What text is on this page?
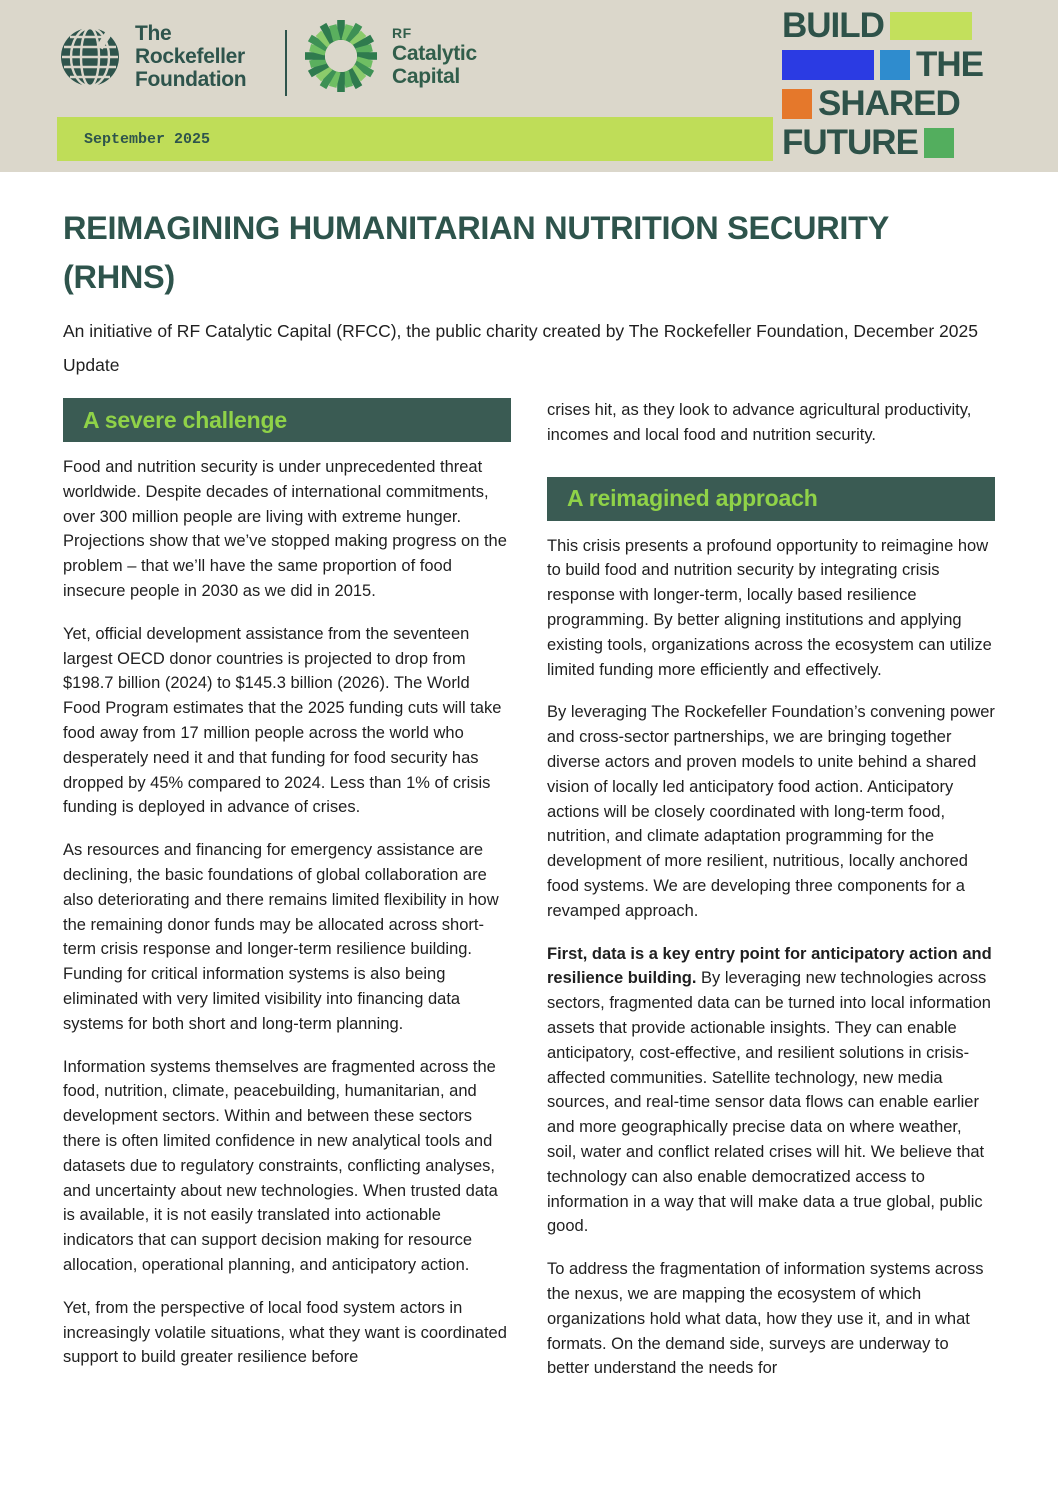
The
Rockefeller
Foundation
RF
Catalytic
Capital
September 2025
BUILD
THE
SHARED
FUTURE
REIMAGINING HUMANITARIAN NUTRITION SECURITY (RHNS)

An initiative of RF Catalytic Capital (RFCC), the public charity created by The Rockefeller Foundation, December 2025 Update

A severe challenge

Food and nutrition security is under unprecedented threat worldwide. Despite decades of international commitments, over 300 million people are living with extreme hunger. Projections show that we’ve stopped making progress on the problem – that we’ll have the same proportion of food insecure people in 2030 as we did in 2015.

Yet, official development assistance from the seventeen largest OECD donor countries is projected to drop from $198.7 billion (2024) to $145.3 billion (2026). The World Food Program estimates that the 2025 funding cuts will take food away from 17 million people across the world who desperately need it and that funding for food security has dropped by 45% compared to 2024. Less than 1% of crisis funding is deployed in advance of crises.

As resources and financing for emergency assistance are declining, the basic foundations of global collaboration are also deteriorating and there remains limited flexibility in how the remaining donor funds may be allocated across short-term crisis response and longer-term resilience building. Funding for critical information systems is also being eliminated with very limited visibility into financing data systems for both short and long-term planning.

Information systems themselves are fragmented across the food, nutrition, climate, peacebuilding, humanitarian, and development sectors. Within and between these sectors there is often limited confidence in new analytical tools and datasets due to regulatory constraints, conflicting analyses, and uncertainty about new technologies. When trusted data is available, it is not easily translated into actionable indicators that can support decision making for resource allocation, operational planning, and anticipatory action.

Yet, from the perspective of local food system actors in increasingly volatile situations, what they want is coordinated support to build greater resilience before

crises hit, as they look to advance agricultural productivity, incomes and local food and nutrition security.

A reimagined approach

This crisis presents a profound opportunity to reimagine how to build food and nutrition security by integrating crisis response with longer-term, locally based resilience programming. By better aligning institutions and applying existing tools, organizations across the ecosystem can utilize limited funding more efficiently and effectively.

By leveraging The Rockefeller Foundation’s convening power and cross-sector partnerships, we are bringing together diverse actors and proven models to unite behind a shared vision of locally led anticipatory food action. Anticipatory actions will be closely coordinated with long-term food, nutrition, and climate adaptation programming for the development of more resilient, nutritious, locally anchored food systems. We are developing three components for a revamped approach.

First, data is a key entry point for anticipatory action and resilience building. By leveraging new technologies across sectors, fragmented data can be turned into local information assets that provide actionable insights. They can enable anticipatory, cost-effective, and resilient solutions in crisis-affected communities. Satellite technology, new media sources, and real-time sensor data flows can enable earlier and more geographically precise data on where weather, soil, water and conflict related crises will hit. We believe that technology can also enable democratized access to information in a way that will make data a true global, public good.

To address the fragmentation of information systems across the nexus, we are mapping the ecosystem of which organizations hold what data, how they use it, and in what formats. On the demand side, surveys are underway to better understand the needs for
